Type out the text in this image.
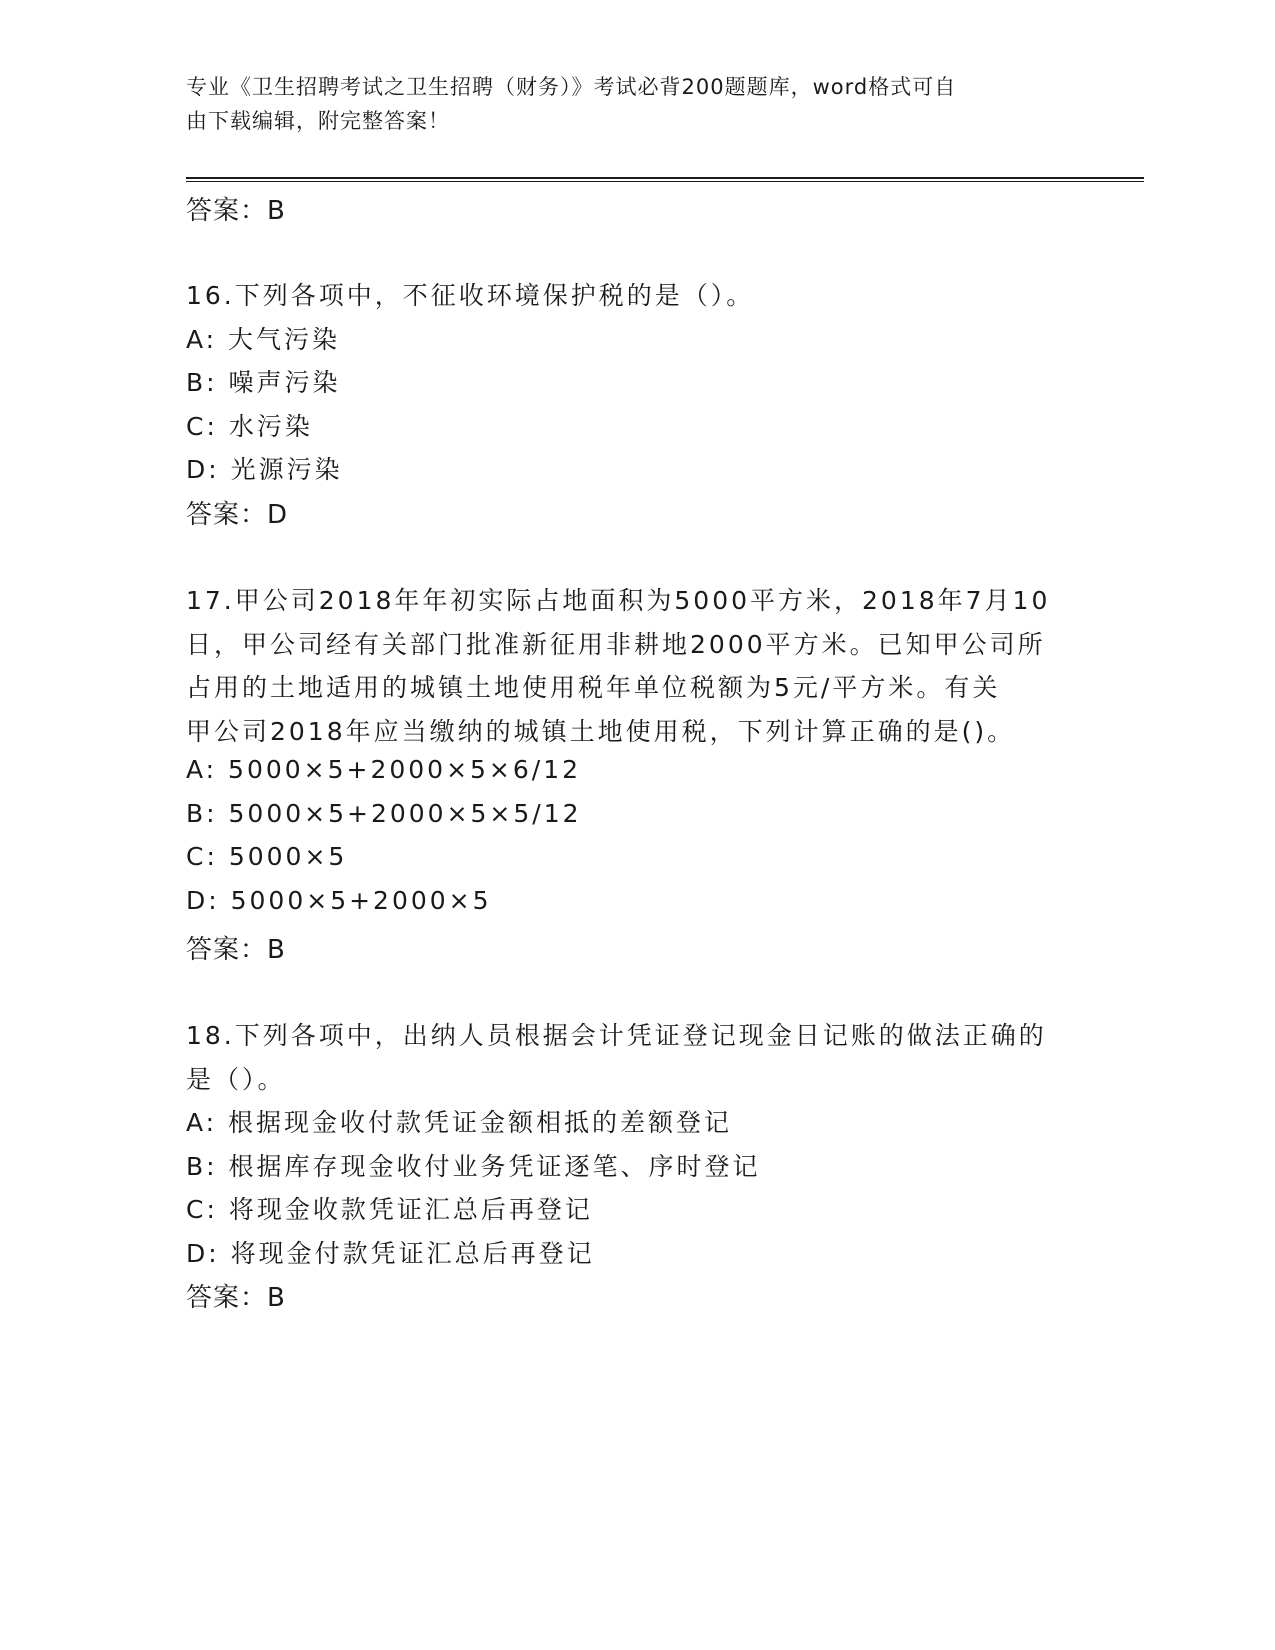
专业《卫生招聘考试之卫生招聘（财务）》考试必背200题题库，word格式可自
由下载编辑，附完整答案！

答案：B

16.下列各项中，不征收环境保护税的是（）。

A: 大气污染

B: 噪声污染

C: 水污染

D: 光源污染

答案：D

17.甲公司2018年年初实际占地面积为5000平方米，2018年7月10

日，甲公司经有关部门批准新征用非耕地2000平方米。已知甲公司所

占用的土地适用的城镇土地使用税年单位税额为5元/平方米。有关

甲公司2018年应当缴纳的城镇土地使用税，下列计算正确的是()。

A: 5000×5+2000×5×6/12

B: 5000×5+2000×5×5/12

C: 5000×5

D: 5000×5+2000×5

答案：B

18.下列各项中，出纳人员根据会计凭证登记现金日记账的做法正确的

是（）。

A: 根据现金收付款凭证金额相抵的差额登记

B: 根据库存现金收付业务凭证逐笔、序时登记

C: 将现金收款凭证汇总后再登记

D: 将现金付款凭证汇总后再登记

答案：B
